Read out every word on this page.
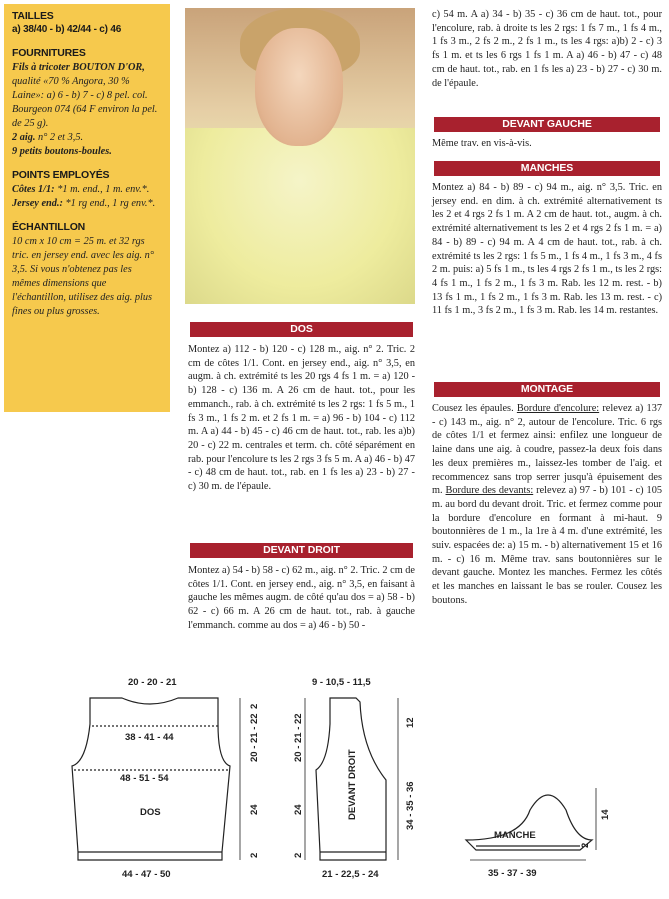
TAILLES
a) 38/40 - b) 42/44 - c) 46
FOURNITURES

Fils à tricoter BOUTON D'OR, qualité «70 % Angora, 30 % Laine»: a) 6 - b) 7 - c) 8 pel. col. Bourgeon 074 (64 F environ la pel. de 25 g).
2 aig. n° 2 et 3,5.
9 petits boutons-boules.

POINTS EMPLOYÉS

Côtes 1/1: *1 m. end., 1 m. env.*.
Jersey end.: *1 rg end., 1 rg env.*.

ÉCHANTILLON

10 cm x 10 cm = 25 m. et 32 rgs tric. en jersey end. avec les aig. n° 3,5. Si vous n'obtenez pas les mêmes dimensions que l'échantillon, utilisez des aig. plus fines ou plus grosses.

DOS

Montez a) 112 - b) 120 - c) 128 m., aig. n° 2. Tric. 2 cm de côtes 1/1. Cont. en jersey end., aig. n° 3,5, en augm. à ch. extrémité ts les 20 rgs 4 fs 1 m. = a) 120 - b) 128 - c) 136 m. A 26 cm de haut. tot., pour les emmanch., rab. à ch. extrémité ts les 2 rgs: 1 fs 5 m., 1 fs 3 m., 1 fs 2 m. et 2 fs 1 m. = a) 96 - b) 104 - c) 112 m. A a) 44 - b) 45 - c) 46 cm de haut. tot., rab. les a)b) 20 - c) 22 m. centrales et term. ch. côté séparément en rab. pour l'encolure ts les 2 rgs 3 fs 5 m. A a) 46 - b) 47 - c) 48 cm de haut. tot., rab. en 1 fs les a) 23 - b) 27 - c) 30 m. de l'épaule.

DEVANT DROIT

Montez a) 54 - b) 58 - c) 62 m., aig. n° 2. Tric. 2 cm de côtes 1/1. Cont. en jersey end., aig. n° 3,5, en faisant à gauche les mêmes augm. de côté qu'au dos = a) 58 - b) 62 - c) 66 m. A 26 cm de haut. tot., rab. à gauche l'emmanch. comme au dos = a) 46 - b) 50 -

c) 54 m. A a) 34 - b) 35 - c) 36 cm de haut. tot., pour l'encolure, rab. à droite ts les 2 rgs: 1 fs 7 m., 1 fs 4 m., 1 fs 3 m., 2 fs 2 m., 2 fs 1 m., ts les 4 rgs: a)b) 2 - c) 3 fs 1 m. et ts les 6 rgs 1 fs 1 m. A a) 46 - b) 47 - c) 48 cm de haut. tot., rab. en 1 fs les a) 23 - b) 27 - c) 30 m. de l'épaule.

DEVANT GAUCHE

Même trav. en vis-à-vis.

MANCHES

Montez a) 84 - b) 89 - c) 94 m., aig. n° 3,5. Tric. en jersey end. en dim. à ch. extrémité alternativement ts les 2 et 4 rgs 2 fs 1 m. A 2 cm de haut. tot., augm. à ch. extrémité alternativement ts les 2 et 4 rgs 2 fs 1 m. = a) 84 - b) 89 - c) 94 m. A 4 cm de haut. tot., rab. à ch. extrémité ts les 2 rgs: 1 fs 5 m., 1 fs 4 m., 1 fs 3 m., 4 fs 2 m. puis: a) 5 fs 1 m., ts les 4 rgs 2 fs 1 m., ts les 2 rgs: 4 fs 1 m., 1 fs 2 m., 1 fs 3 m. Rab. les 12 m. rest. - b) 13 fs 1 m., 1 fs 2 m., 1 fs 3 m. Rab. les 13 m. rest. - c) 11 fs 1 m., 3 fs 2 m., 1 fs 3 m. Rab. les 14 m. restantes.

MONTAGE

Cousez les épaules. Bordure d'encolure: relevez a) 137 - c) 143 m., aig. n° 2, autour de l'encolure. Tric. 6 rgs de côtes 1/1 et fermez ainsi: enfilez une longueur de laine dans une aig. à coudre, passez-la deux fois dans les deux premières m., laissez-les tomber de l'aig. et recommencez sans trop serrer jusqu'à épuisement des m. Bordure des devants: relevez a) 97 - b) 101 - c) 105 m. au bord du devant droit. Tric. et fermez comme pour la bordure d'encolure en formant à mi-haut. 9 boutonnières de 1 m., la 1re à 4 m. d'une extrémité, les suiv. espacées de: a) 15 m. - b) alternativement 15 et 16 m. - c) 16 m. Même trav. sans boutonnières sur le devant gauche. Montez les manches. Fermez les côtés et les manches en laissant le bas se rouler. Cousez les boutons.

20 - 20 - 21
38 - 41 - 44
48 - 51 - 54
DOS
44 - 47 - 50
2
20 - 21 - 22
24
2
9 - 10,5 - 11,5
DEVANT DROIT
21 - 22,5 - 24
20 - 21 - 22
24
2
12
34 - 35 - 36
MANCHE
35 - 37 - 39
14
2
